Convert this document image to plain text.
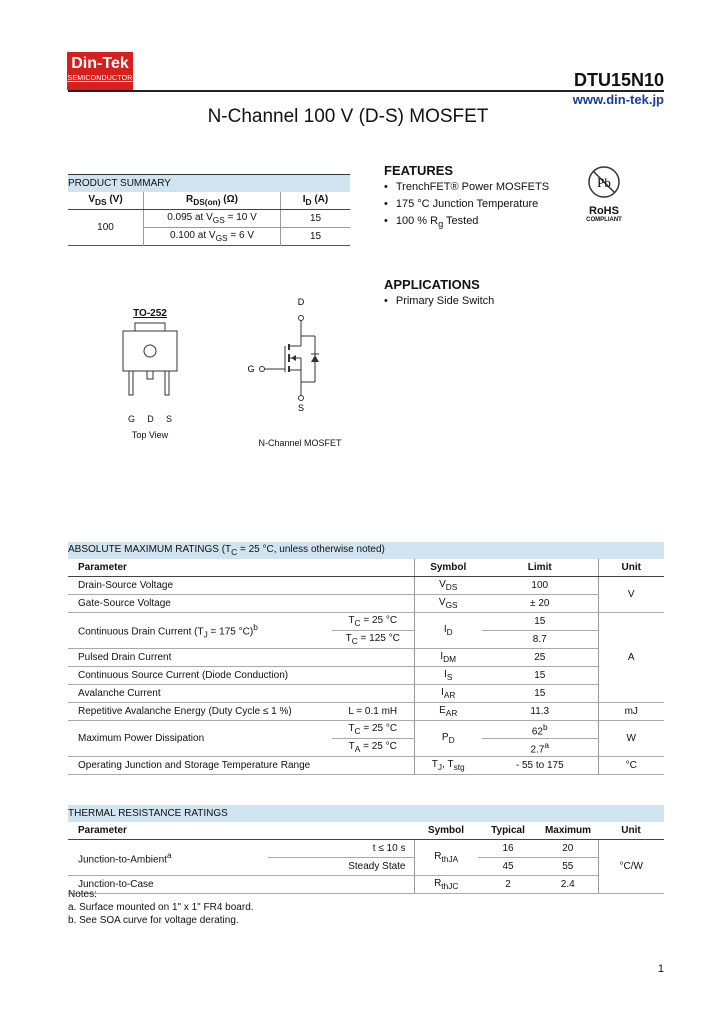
Din-Tek
SEMICONDUCTOR	DTU15N10
www.din-tek.jp
N-Channel 100 V (D-S) MOSFET
PRODUCT SUMMARY		
$V_{DS}$ (V)	$R_{DS(on)}$ (Ω)	$I_D$ (A)
100	0.095 at $V_{GS} = 10$ V	15
	0.100 at $V_{GS} = 6$ V	15
FEATURES
• TrenchFET® Power MOSFETS
• 175 °C Junction Temperature
• 100 % $R_g$ Tested
Pb
RoHS
COMPLIANT
APPLICATIONS
• Primary Side Switch
TO-252
G D S
Top View
D
G
S
N-Channel MOSFET
ABSOLUTE MAXIMUM RATINGS ($T_C = 25$ °C, unless otherwise noted)				
Parameter		Symbol	Limit	Unit
Drain-Source Voltage		$V_{DS}$	100	V
Gate-Source Voltage		$V_{GS}$	± 20	
Continuous Drain Current ($T_J = 175$ °C)$^b$	$T_C = 25$ °C	$I_D$	15	A
	$T_C = 125$ °C		8.7	
Pulsed Drain Current		$I_{DM}$	25	
Continuous Source Current (Diode Conduction)		$I_S$	15	
Avalanche Current		$I_{AR}$	15	
Repetitive Avalanche Energy (Duty Cycle ≤ 1 %)	L = 0.1 mH	$E_{AR}$	11.3	mJ
Maximum Power Dissipation	$T_C = 25$ °C	$P_D$	62$^b$	W
	$T_A = 25$ °C		2.7$^a$
Operating Junction and Storage Temperature Range		$T_J$, $T_{stg}$	- 55 to 175	°C
THERMAL RESISTANCE RATINGS					
Parameter		Symbol	Typical	Maximum	Unit
Junction-to-Ambient$^a$	t ≤ 10 s	$R_{thJA}$	16	20	°C/W
	Steady State		45	55	
Junction-to-Case		$R_{thJC}$	2	2.4	
Notes:
a. Surface mounted on 1" x 1" FR4 board.
b. See SOA curve for voltage derating.
1
